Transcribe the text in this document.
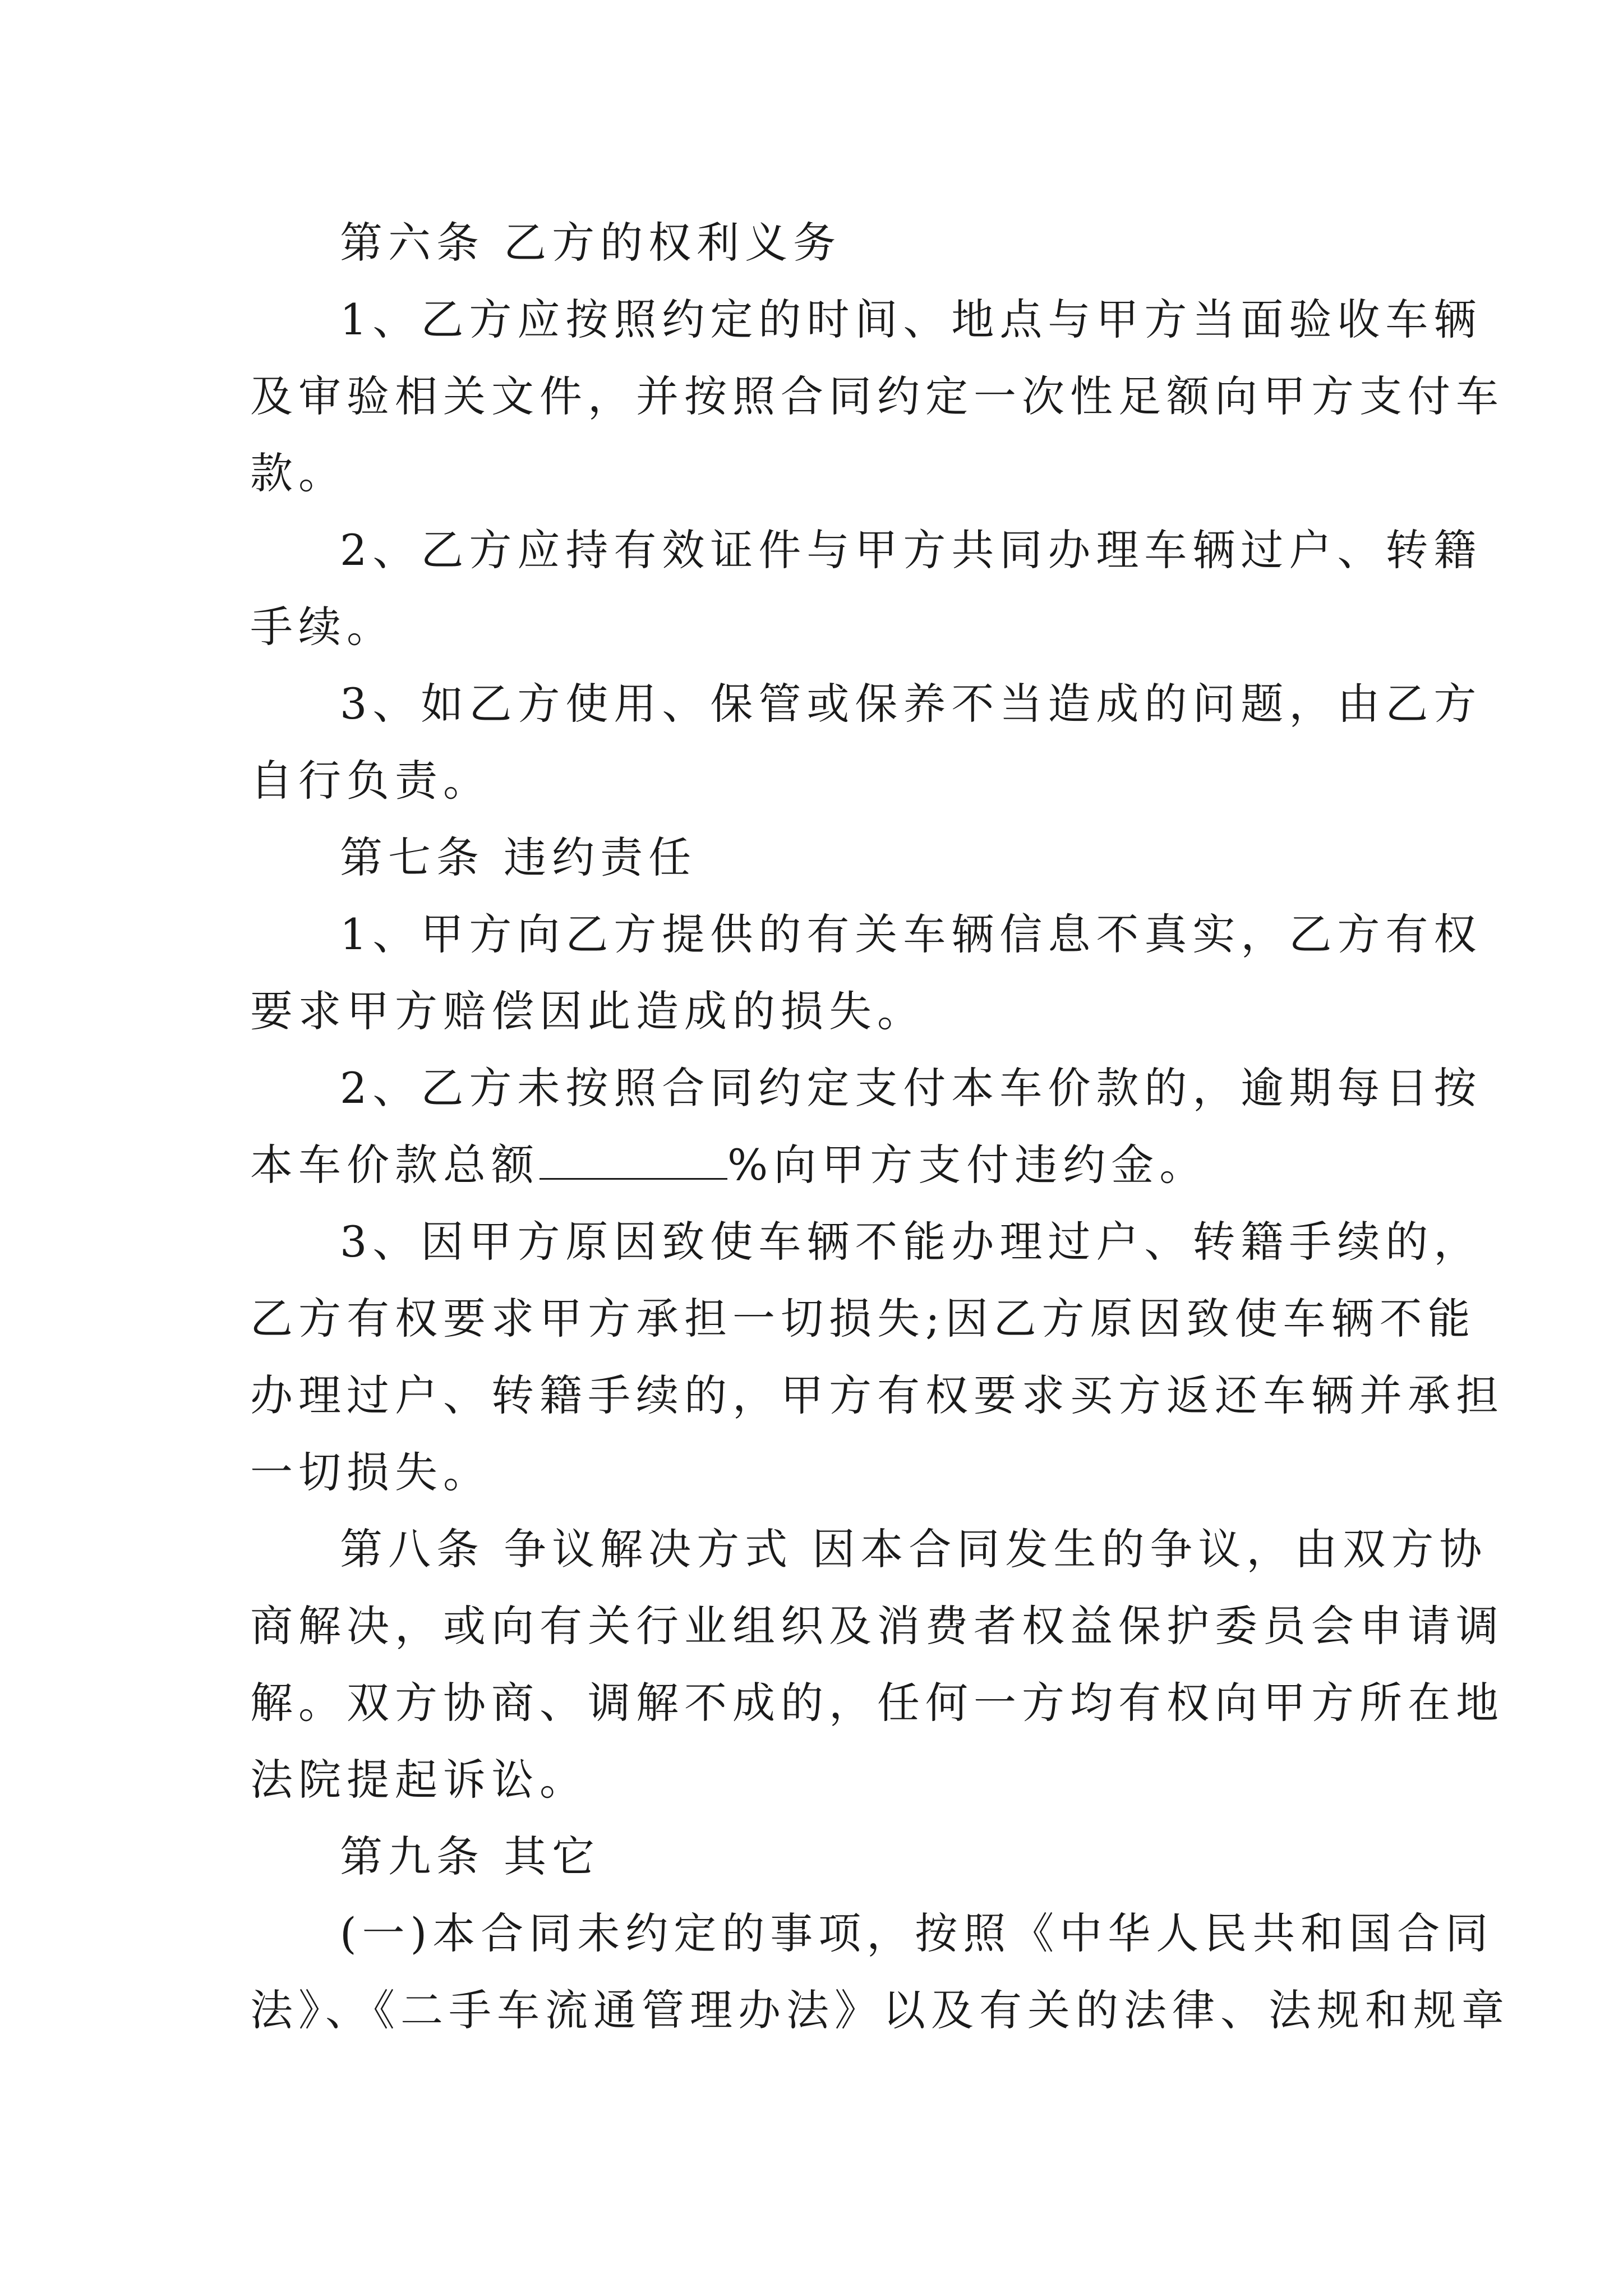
第六条 乙方的权利义务
1、乙方应按照约定的时间、地点与甲方当面验收车辆
及审验相关文件，并按照合同约定一次性足额向甲方支付车
款。
2、乙方应持有效证件与甲方共同办理车辆过户、转籍
手续。
3、如乙方使用、保管或保养不当造成的问题，由乙方
自行负责。
第七条 违约责任
1、甲方向乙方提供的有关车辆信息不真实，乙方有权
要求甲方赔偿因此造成的损失。
2、乙方未按照合同约定支付本车价款的，逾期每日按
本车价款总额	%向甲方支付违约金。
3、因甲方原因致使车辆不能办理过户、转籍手续的，
乙方有权要求甲方承担一切损失;因乙方原因致使车辆不能
办理过户、转籍手续的，甲方有权要求买方返还车辆并承担
一切损失。
第八条 争议解决方式 因本合同发生的争议，由双方协
商解决，或向有关行业组织及消费者权益保护委员会申请调
解。双方协商、调解不成的，任何一方均有权向甲方所在地
法院提起诉讼。
第九条 其它
(一)本合同未约定的事项，按照《中华人民共和国合同
法》、《二手车流通管理办法》以及有关的法律、法规和规章
